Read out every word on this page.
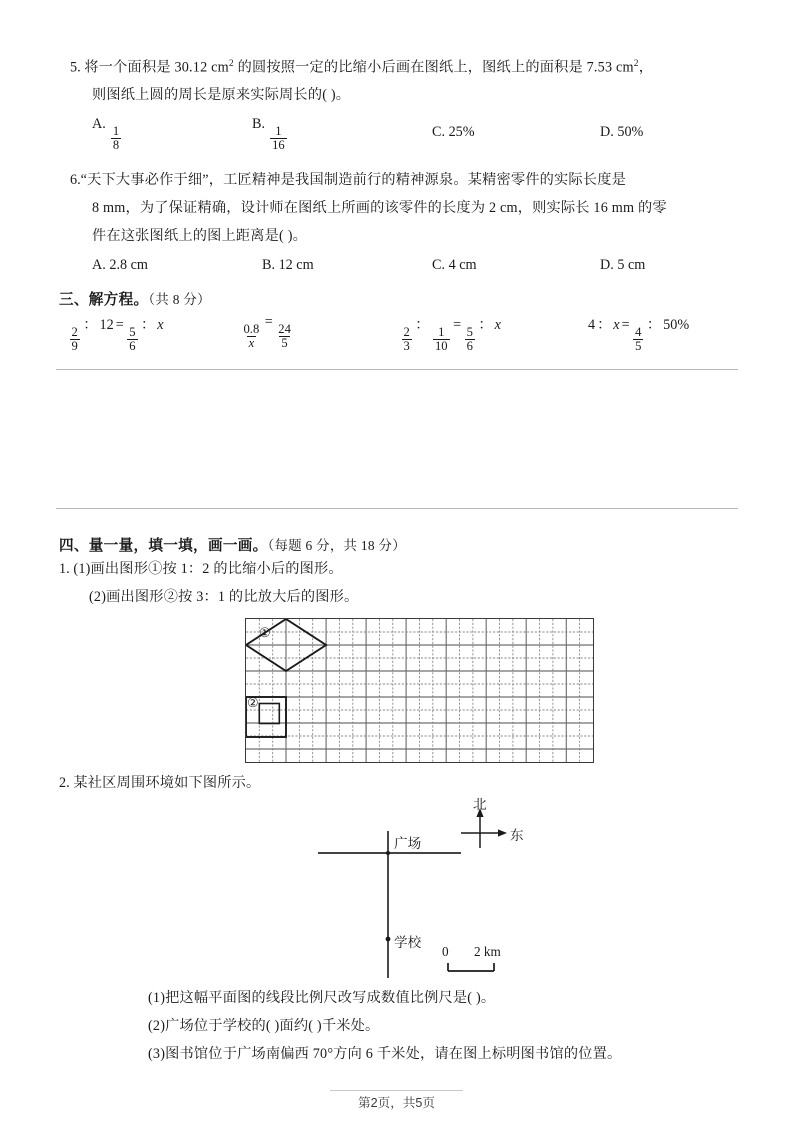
5. 将一个面积是 30.12 $cm^2$ 的圆按照一定的比缩小后画在图纸上，图纸上的面积是 7.53 $cm^2$，
则图纸上圆的周长是原来实际周长的( )。
A.
$\frac{1}{8}$
B.
$\frac{1}{16}$	C. 25%	D. 50%
6.“天下大事必作于细”，工匠精神是我国制造前行的精神源泉。某精密零件的实际长度是
8 mm，为了保证精确，设计师在图纸上所画的该零件的长度为 2 cm，则实际长 16 mm 的零
件在这张图纸上的图上距离是( )。
A. 2.8 cm	B. 12 cm	C. 4 cm	D. 5 cm
三、解方程。（共 8 分）
$\frac{2}{9}$
： 12 =
$\frac{5}{6}$
： x	$\frac{0.8}{x}$
=
$\frac{24}{5}$	$\frac{2}{3}$
：
$\frac{1}{10}$
=
$\frac{5}{6}$
： x	4 ： x =
$\frac{4}{5}$
： 50%
四、量一量，填一填，画一画。（每题 6 分，共 18 分）
1. (1)画出图形①按 1：2 的比缩小后的图形。
(2)画出图形②按 3：1 的比放大后的图形。
①
②
2. 某社区周围环境如下图所示。
广场
学校
北
东
0 2 km
(1)把这幅平面图的线段比例尺改写成数值比例尺是( )。
(2)广场位于学校的( )面约( )千米处。
(3)图书馆位于广场南偏西 70°方向 6 千米处，请在图上标明图书馆的位置。
第2页，共5页
